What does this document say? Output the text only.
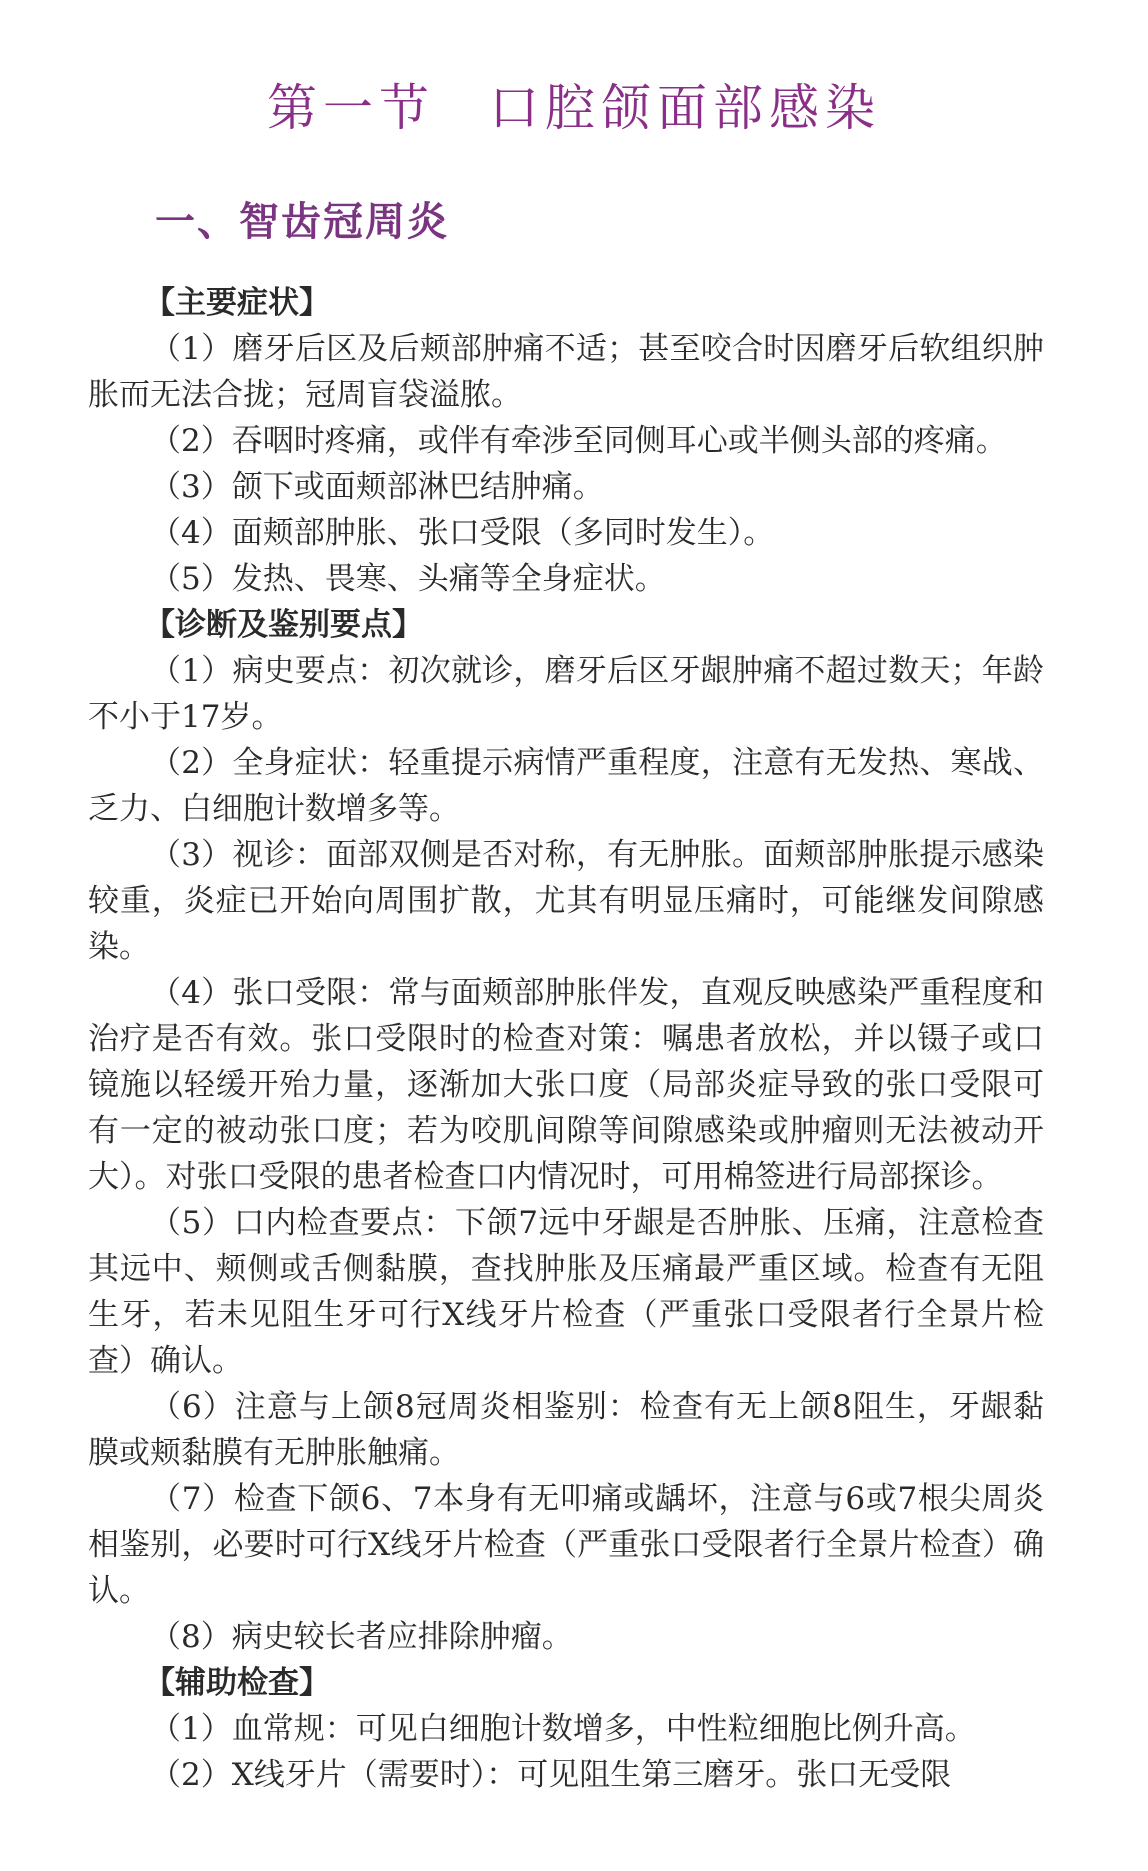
第一节 口腔颌面部感染
一、智齿冠周炎

【主要症状】

（1）磨牙后区及后颊部肿痛不适；甚至咬合时因磨牙后软组织肿胀而无法合拢；冠周盲袋溢脓。

（2）吞咽时疼痛，或伴有牵涉至同侧耳心或半侧头部的疼痛。

（3）颌下或面颊部淋巴结肿痛。

（4）面颊部肿胀、张口受限（多同时发生）。

（5）发热、畏寒、头痛等全身症状。

【诊断及鉴别要点】

（1）病史要点：初次就诊，磨牙后区牙龈肿痛不超过数天；年龄不小于17岁。

（2）全身症状：轻重提示病情严重程度，注意有无发热、寒战、乏力、白细胞计数增多等。

（3）视诊：面部双侧是否对称，有无肿胀。面颊部肿胀提示感染较重，炎症已开始向周围扩散，尤其有明显压痛时，可能继发间隙感染。

（4）张口受限：常与面颊部肿胀伴发，直观反映感染严重程度和治疗是否有效。张口受限时的检查对策：嘱患者放松，并以镊子或口镜施以轻缓开殆力量，逐渐加大张口度（局部炎症导致的张口受限可有一定的被动张口度；若为咬肌间隙等间隙感染或肿瘤则无法被动开大）。对张口受限的患者检查口内情况时，可用棉签进行局部探诊。

（5）口内检查要点：下颌7远中牙龈是否肿胀、压痛，注意检查其远中、颊侧或舌侧黏膜，查找肿胀及压痛最严重区域。检查有无阻生牙，若未见阻生牙可行X线牙片检查（严重张口受限者行全景片检查）确认。

（6）注意与上颌8冠周炎相鉴别：检查有无上颌8阻生，牙龈黏膜或颊黏膜有无肿胀触痛。

（7）检查下颌6、7本身有无叩痛或龋坏，注意与6或7根尖周炎相鉴别，必要时可行X线牙片检查（严重张口受限者行全景片检查）确认。

（8）病史较长者应排除肿瘤。

【辅助检查】

（1）血常规：可见白细胞计数增多，中性粒细胞比例升高。

（2）X线牙片（需要时）：可见阻生第三磨牙。张口无受限
